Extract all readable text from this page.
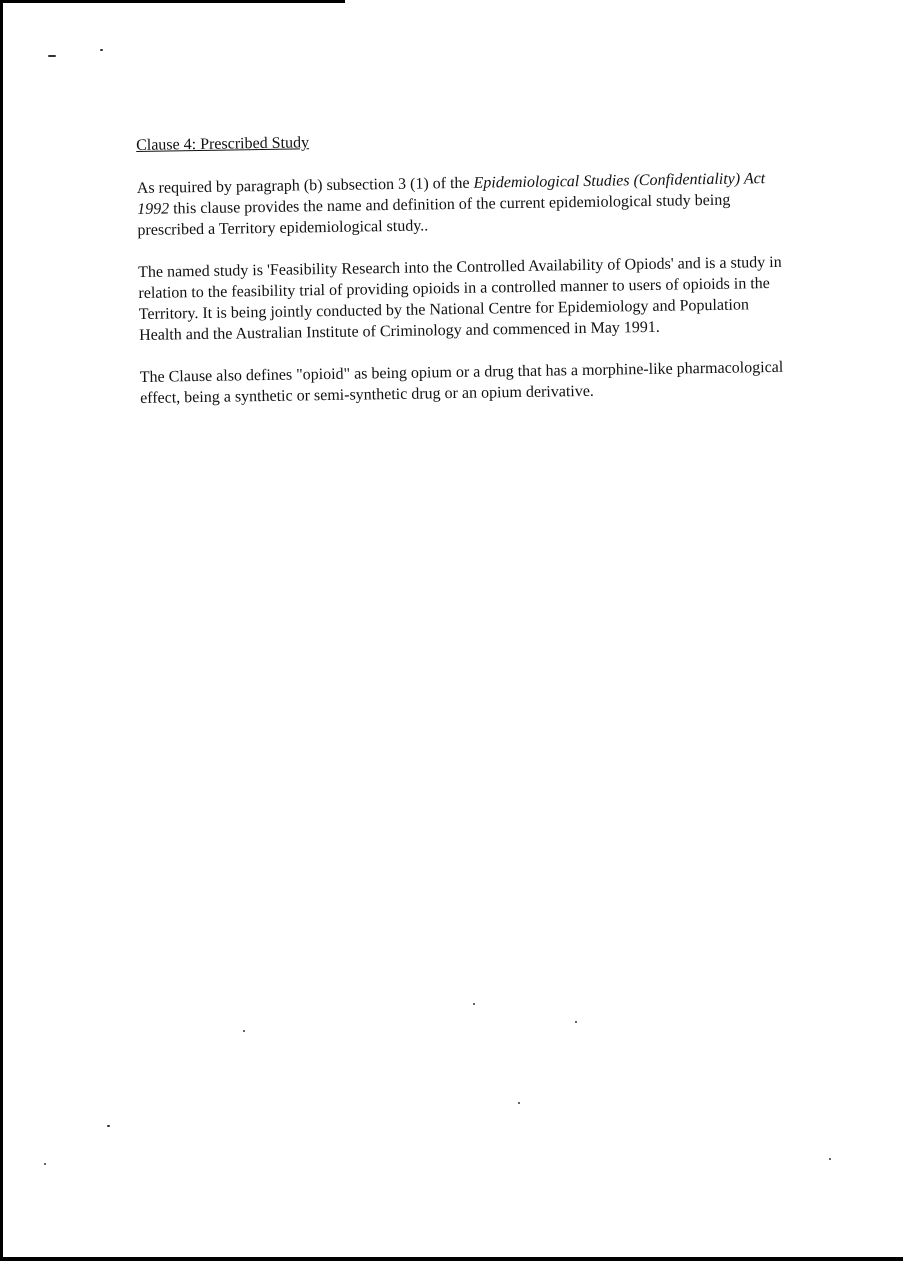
Clause 4: Prescribed Study

As required by paragraph (b) subsection 3 (1) of the Epidemiological Studies (Confidentiality) Act 1992 this clause provides the name and definition of the current epidemiological study being prescribed a Territory epidemiological study..

The named study is 'Feasibility Research into the Controlled Availability of Opiods' and is a study in relation to the feasibility trial of providing opioids in a controlled manner to users of opioids in the Territory. It is being jointly conducted by the National Centre for Epidemiology and Population Health and the Australian Institute of Criminology and commenced in May 1991.

The Clause also defines "opioid" as being opium or a drug that has a morphine-like pharmacological effect, being a synthetic or semi-synthetic drug or an opium derivative.
